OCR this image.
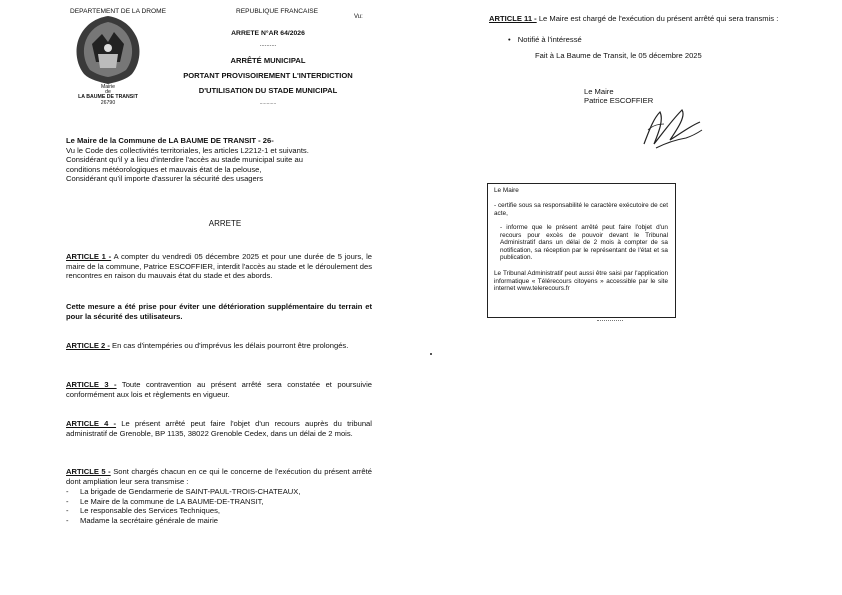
DEPARTEMENT DE LA DROME	REPUBLIQUE FRANCAISE
Vu:
Mairie
de
LA BAUME DE TRANSIT
26790
ARRETE N°AR 64/2026
..........
ARRÊTÉ MUNICIPAL
PORTANT PROVISOIREMENT L'INTERDICTION
D'UTILISATION DU STADE MUNICIPAL
............
Le Maire de la Commune de LA BAUME DE TRANSIT - 26-
Vu le Code des collectivités territoriales, les articles L2212-1 et suivants.
Considérant qu'il y a lieu d'interdire l'accès au stade municipal suite au
conditions météorologiques et mauvais état de la pelouse,
Considérant qu'il importe d'assurer la sécurité des usagers
ARRETE
ARTICLE 1 - A compter du vendredi 05 décembre 2025 et pour une durée de 5 jours, le maire de la commune, Patrice ESCOFFIER, interdit l'accès au stade et le déroulement des rencontres en raison du mauvais état du stade et des abords.
Cette mesure a été prise pour éviter une détérioration supplémentaire du terrain et pour la sécurité des utilisateurs.
ARTICLE 2 - En cas d'intempéries ou d'imprévus les délais pourront être prolongés.
ARTICLE 3 - Toute contravention au présent arrêté sera constatée et poursuivie conformément aux lois et règlements en vigueur.
ARTICLE 4 - Le présent arrêté peut faire l'objet d'un recours auprès du tribunal administratif de Grenoble, BP 1135, 38022 Grenoble Cedex, dans un délai de 2 mois.
ARTICLE 5 - Sont chargés chacun en ce qui le concerne de l'exécution du présent arrêté dont ampliation leur sera transmise :
- La brigade de Gendarmerie de SAINT-PAUL-TROIS-CHATEAUX,
- Le Maire de la commune de LA BAUME-DE-TRANSIT,
- Le responsable des Services Techniques,
- Madame la secrétaire générale de mairie
ARTICLE 11 - Le Maire est chargé de l'exécution du présent arrêté qui sera transmis :
• Notifié à l'intéressé
Fait à La Baume de Transit, le 05 décembre 2025
Le Maire
Patrice ESCOFFIER
Le Maire
- certifie sous sa responsabilité le caractère exécutoire de cet acte,
- informe que le présent arrêté peut faire l'objet d'un recours pour excès de pouvoir devant le Tribunal Administratif dans un délai de 2 mois à compter de sa notification, sa réception par le représentant de l'état et sa publication.
Le Tribunal Administratif peut aussi être saisi par l'application informatique « Télérecours citoyens » accessible par le site internet www.telerecours.fr
